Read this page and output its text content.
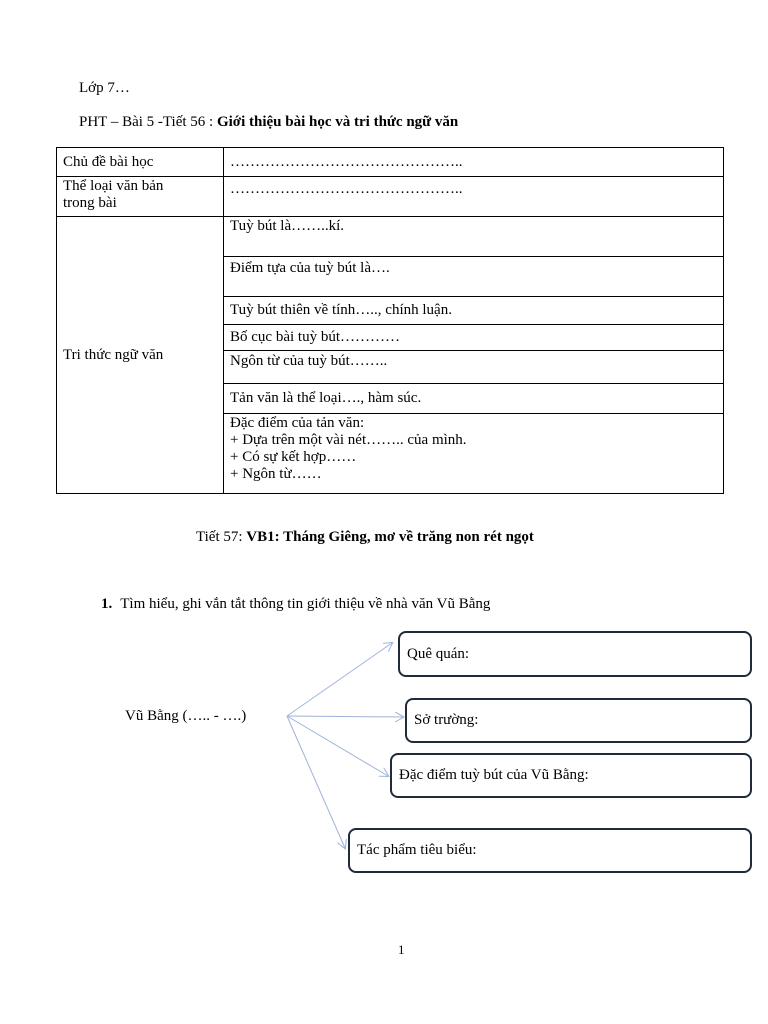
Lớp 7…
PHT – Bài 5 -Tiết 56 : Giới thiệu bài học và tri thức ngữ văn
Chủ đề bài học	………………………………………..

Thể loại văn bản
trong bài	………………………………………..
Tri thức ngữ văn	Tuỳ bút là……..kí.
	Điểm tựa của tuỳ bút là….
	Tuỳ bút thiên về tính….., chính luận.
	Bố cục bài tuỳ bút…………
	Ngôn từ của tuỳ bút……..
	Tản văn là thể loại…., hàm súc.

	Đặc điểm của tản văn:
+ Dựa trên một vài nét…….. của mình.
+ Có sự kết hợp……
+ Ngôn từ……
Tiết 57: VB1: Tháng Giêng, mơ về trăng non rét ngọt
1. Tìm hiểu, ghi vắn tắt thông tin giới thiệu về nhà văn Vũ Bằng
Vũ Bằng (….. - ….)
Quê quán:
Sở trường:
Đặc điểm tuỳ bút của Vũ Bằng:
Tác phẩm tiêu biểu:
1
